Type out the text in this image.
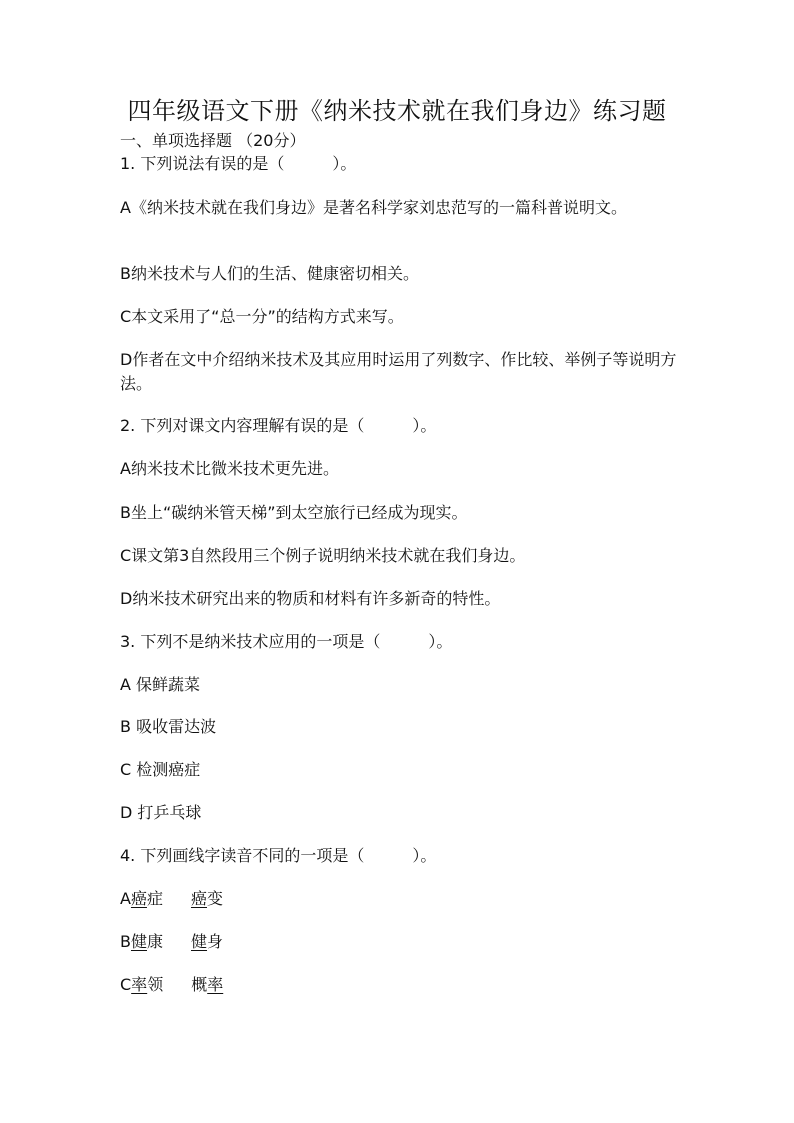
四年级语文下册《纳米技术就在我们身边》练习题
一、单项选择题 （20分）
1. 下列说法有误的是（　　　）。
A《纳米技术就在我们身边》是著名科学家刘忠范写的一篇科普说明文。
B纳米技术与人们的生活、健康密切相关。
C本文采用了“总一分”的结构方式来写。
D作者在文中介绍纳米技术及其应用时运用了列数字、作比较、举例子等说明方法。
2. 下列对课文内容理解有误的是（　　　）。
A纳米技术比微米技术更先进。
B坐上“碳纳米管天梯”到太空旅行已经成为现实。
C课文第3自然段用三个例子说明纳米技术就在我们身边。
D纳米技术研究出来的物质和材料有许多新奇的特性。
3. 下列不是纳米技术应用的一项是（　　　）。
A 保鲜蔬菜
B 吸收雷达波
C 检测癌症
D 打乒乓球
4. 下列画线字读音不同的一项是（　　　）。
A癌症 癌变
B健康 健身
C率领 概率
